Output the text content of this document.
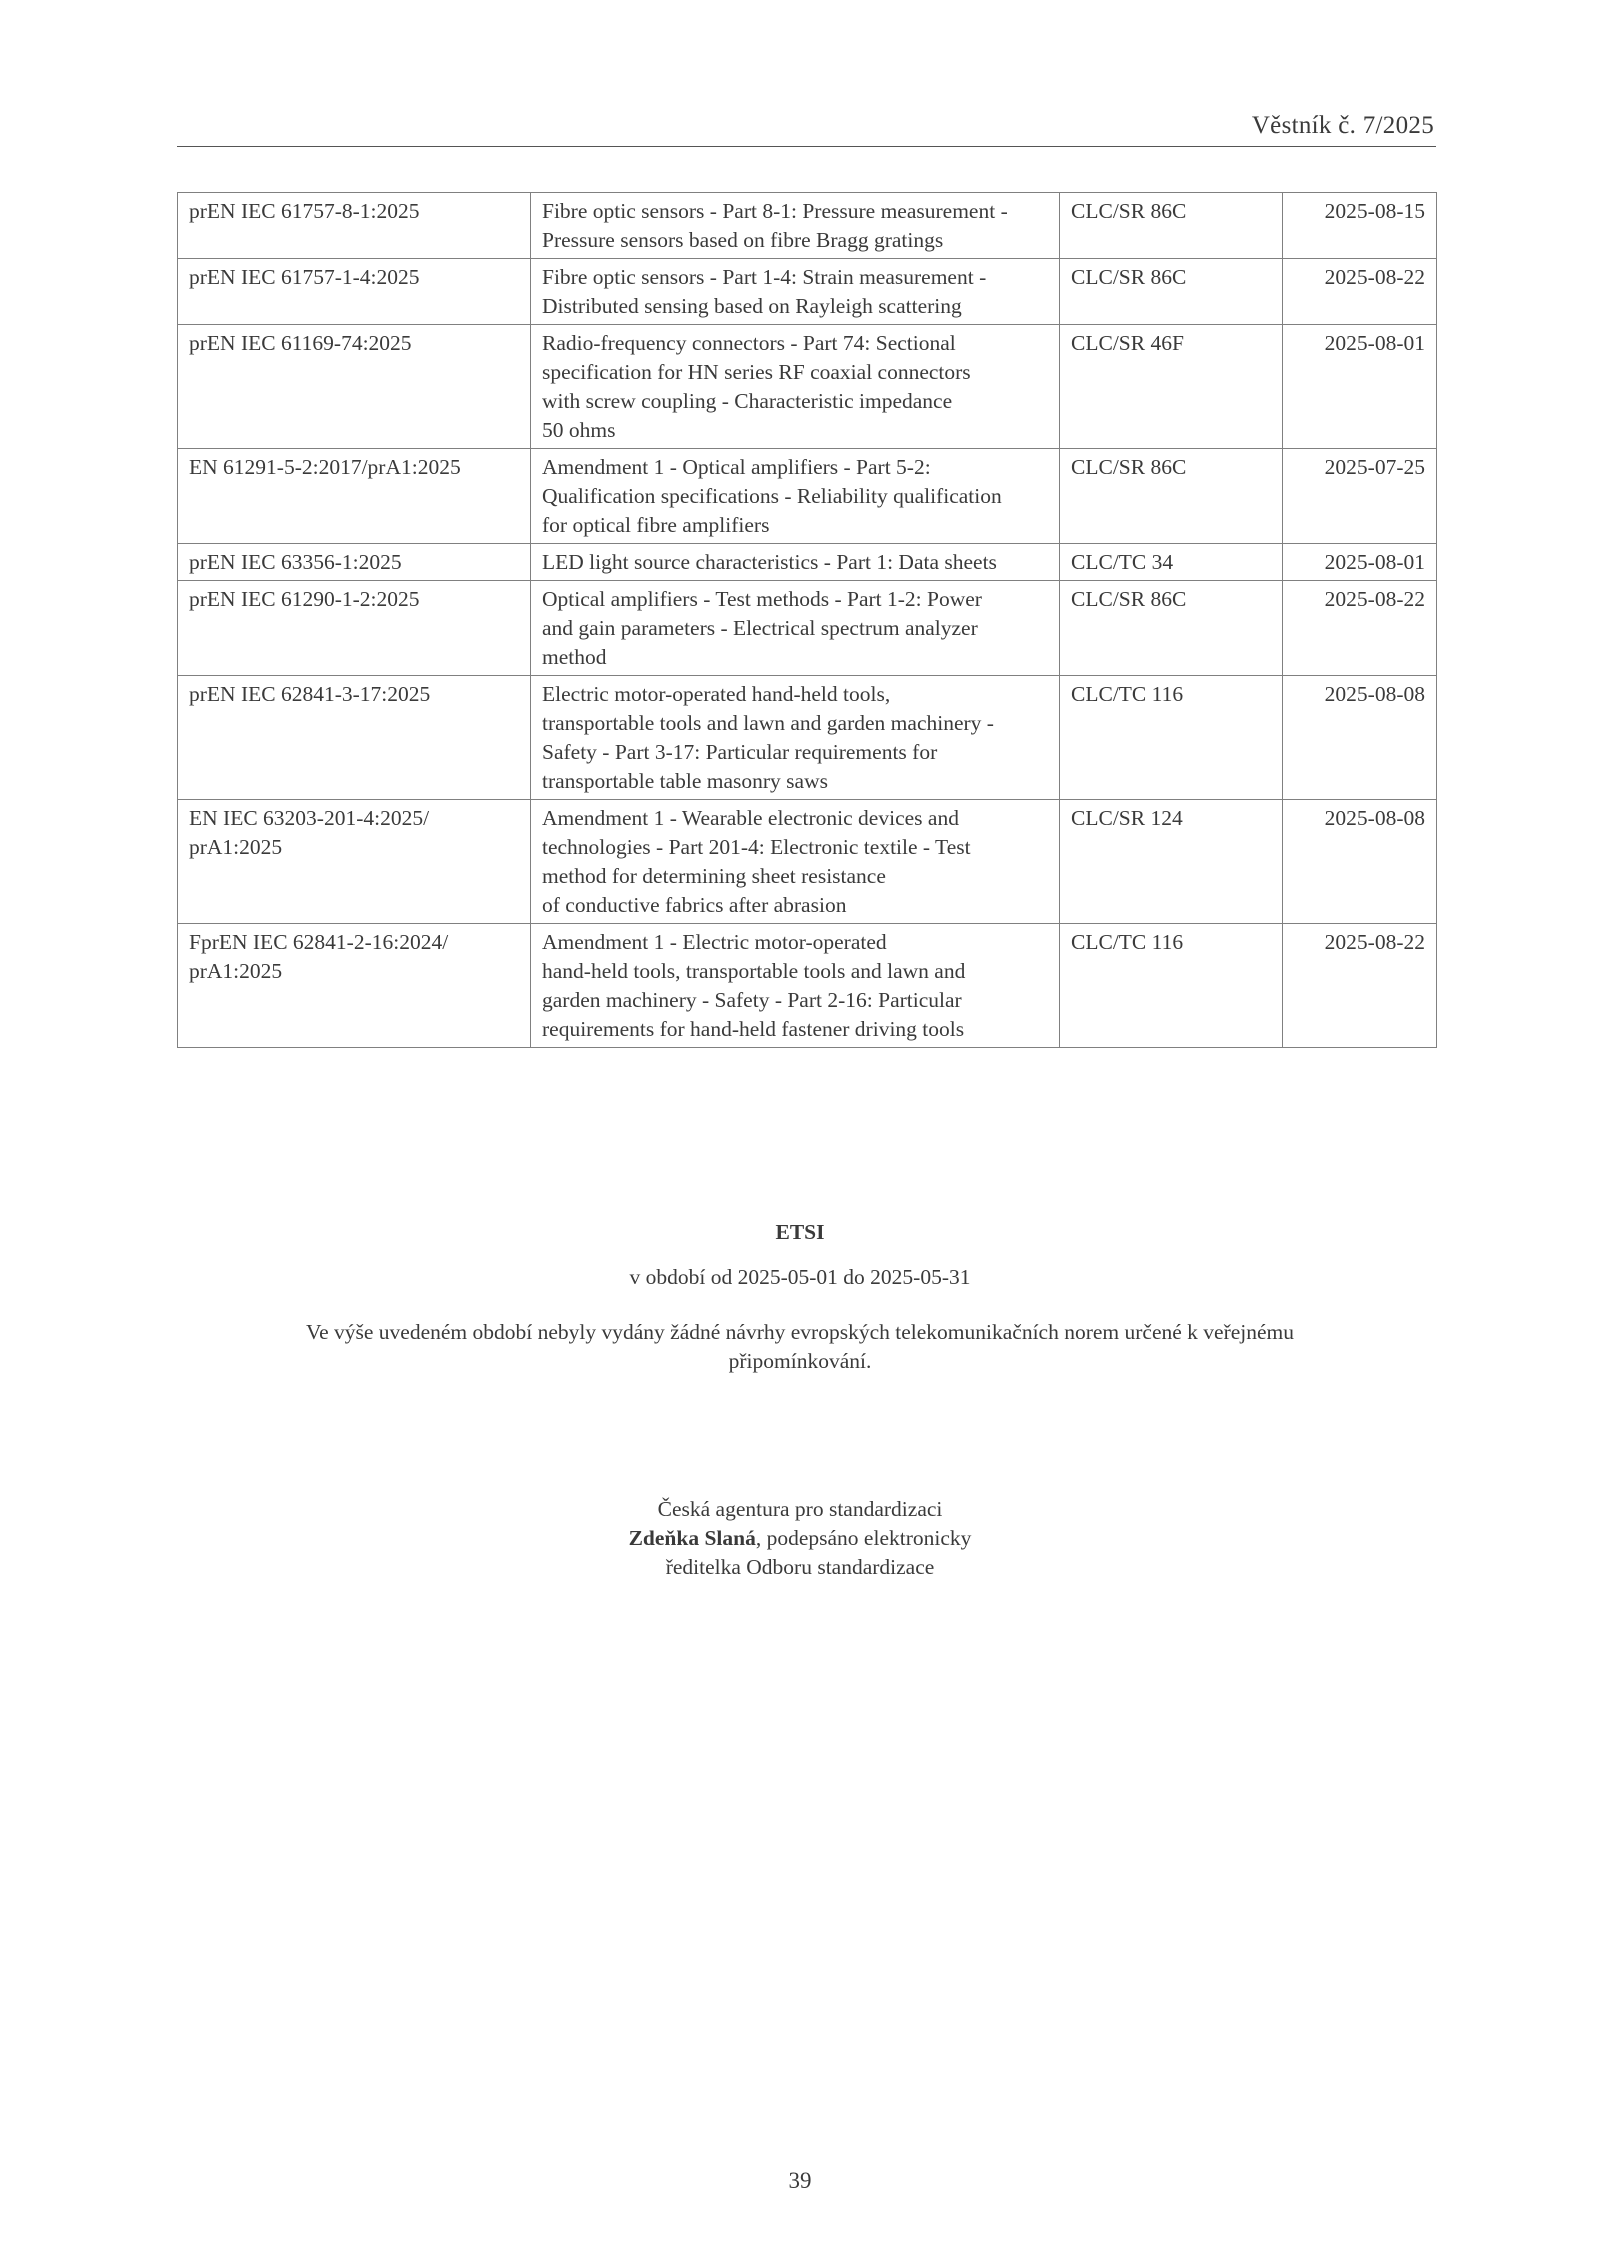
Věstník č. 7/2025
prEN IEC 61757-8-1:2025	Fibre optic sensors - Part 8-1: Pressure measurement -
Pressure sensors based on fibre Bragg gratings	CLC/SR 86C	2025-08-15
prEN IEC 61757-1-4:2025	Fibre optic sensors - Part 1-4: Strain measurement -
Distributed sensing based on Rayleigh scattering	CLC/SR 86C	2025-08-22
prEN IEC 61169-74:2025	Radio-frequency connectors - Part 74: Sectional
specification for HN series RF coaxial connectors
with screw coupling - Characteristic impedance
50 ohms	CLC/SR 46F	2025-08-01
EN 61291-5-2:2017/prA1:2025	Amendment 1 - Optical amplifiers - Part 5-2:
Qualification specifications - Reliability qualification
for optical fibre amplifiers	CLC/SR 86C	2025-07-25
prEN IEC 63356-1:2025	LED light source characteristics - Part 1: Data sheets	CLC/TC 34	2025-08-01
prEN IEC 61290-1-2:2025	Optical amplifiers - Test methods - Part 1-2: Power
and gain parameters - Electrical spectrum analyzer
method	CLC/SR 86C	2025-08-22
prEN IEC 62841-3-17:2025	Electric motor-operated hand-held tools,
transportable tools and lawn and garden machinery -
Safety - Part 3-17: Particular requirements for
transportable table masonry saws	CLC/TC 116	2025-08-08
EN IEC 63203-201-4:2025/
prA1:2025	Amendment 1 - Wearable electronic devices and
technologies - Part 201-4: Electronic textile - Test
method for determining sheet resistance
of conductive fabrics after abrasion	CLC/SR 124	2025-08-08
FprEN IEC 62841-2-16:2024/
prA1:2025	Amendment 1 - Electric motor-operated
hand-held tools, transportable tools and lawn and
garden machinery - Safety - Part 2-16: Particular
requirements for hand-held fastener driving tools	CLC/TC 116	2025-08-22
ETSI
v období od 2025-05-01 do 2025-05-31
Ve výše uvedeném období nebyly vydány žádné návrhy evropských telekomunikačních norem určené k veřejnému
připomínkování.
Česká agentura pro standardizaci
Zdeňka Slaná, podepsáno elektronicky
ředitelka Odboru standardizace
39
